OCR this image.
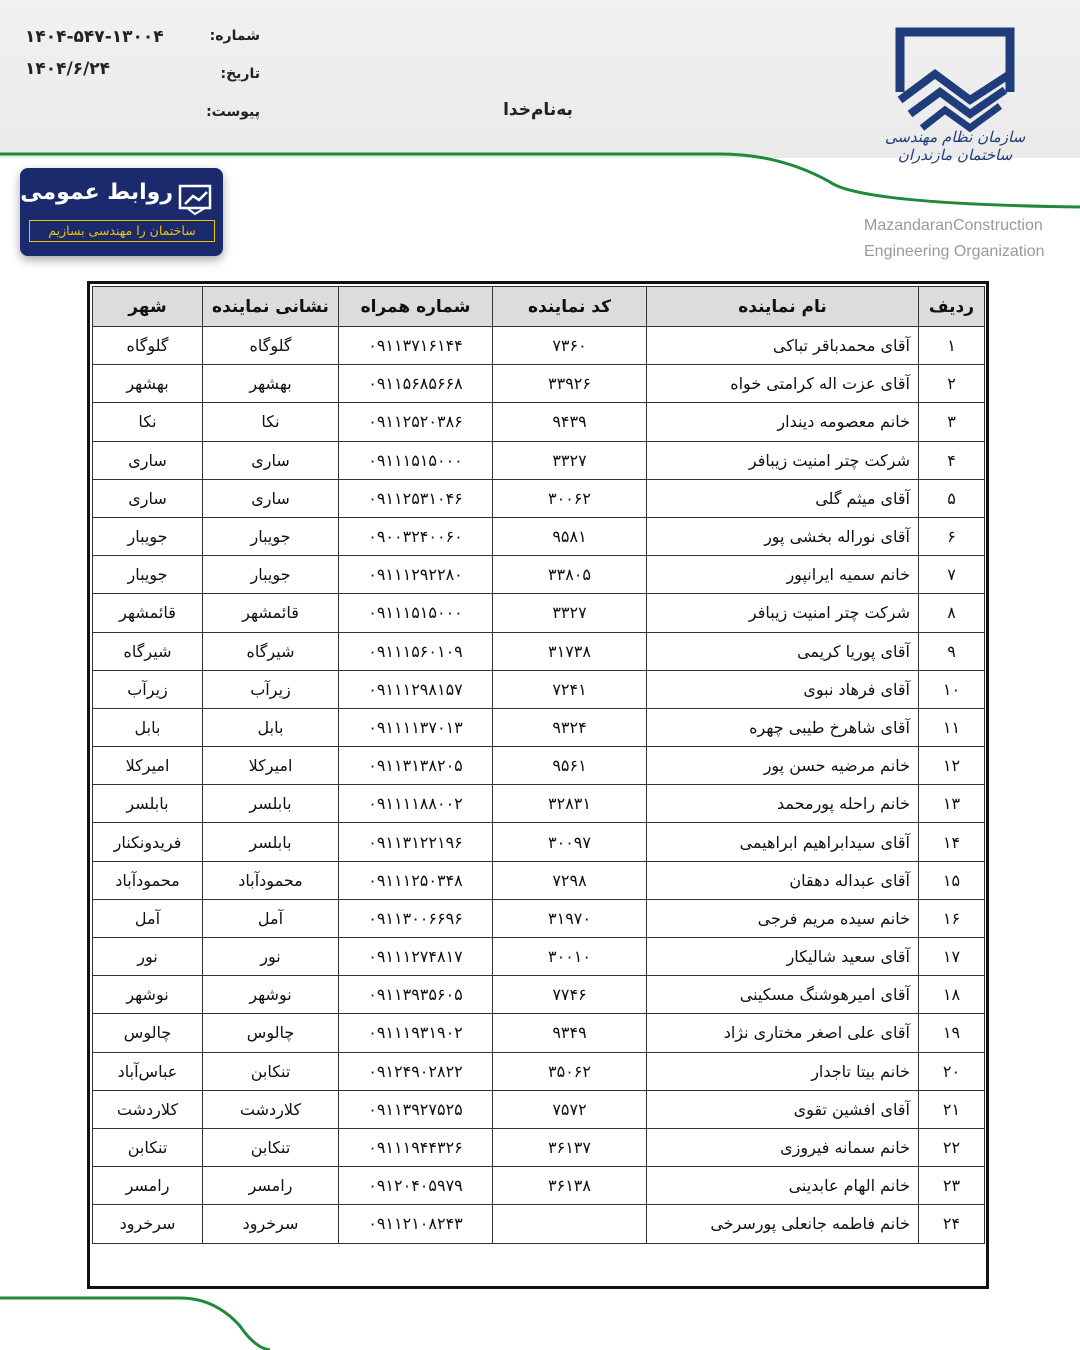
شماره:
تاریخ:
پیوست:
۱۴۰۴-۵۴۷-۱۳۰۰۴
۱۴۰۴/۶/۲۴
به‌نام‌خدا
سازمان نظام مهندسی ساختمان مازندران
MazandaranConstruction
Engineering Organization
روابط عمومی
ساختمان را مهندسی بسازیم
ردیف	نام نماینده	کد نماینده	شماره همراه	نشانی نماینده	شهر
۱	آقای محمدباقر تباکی	۷۳۶۰	۰۹۱۱۳۷۱۶۱۴۴	گلوگاه	گلوگاه
۲	آقای عزت اله کرامتی خواه	۳۳۹۲۶	۰۹۱۱۵۶۸۵۶۶۸	بهشهر	بهشهر
۳	خانم معصومه دیندار	۹۴۳۹	۰۹۱۱۲۵۲۰۳۸۶	نکا	نکا
۴	شرکت چتر امنیت زیبافر	۳۳۲۷	۰۹۱۱۱۵۱۵۰۰۰	ساری	ساری
۵	آقای میثم گلی	۳۰۰۶۲	۰۹۱۱۲۵۳۱۰۴۶	ساری	ساری
۶	آقای نوراله بخشی پور	۹۵۸۱	۰۹۰۰۳۲۴۰۰۶۰	جویبار	جویبار
۷	خانم سمیه ایرانپور	۳۳۸۰۵	۰۹۱۱۱۲۹۲۲۸۰	جویبار	جویبار
۸	شرکت چتر امنیت زیبافر	۳۳۲۷	۰۹۱۱۱۵۱۵۰۰۰	قائمشهر	قائمشهر
۹	آقای پوریا کریمی	۳۱۷۳۸	۰۹۱۱۱۵۶۰۱۰۹	شیرگاه	شیرگاه
۱۰	آقای فرهاد نبوی	۷۲۴۱	۰۹۱۱۱۲۹۸۱۵۷	زیرآب	زیرآب
۱۱	آقای شاهرخ طیبی چهره	۹۳۲۴	۰۹۱۱۱۱۳۷۰۱۳	بابل	بابل
۱۲	خانم مرضیه حسن پور	۹۵۶۱	۰۹۱۱۳۱۳۸۲۰۵	امیرکلا	امیرکلا
۱۳	خانم راحله پورمحمد	۳۲۸۳۱	۰۹۱۱۱۱۸۸۰۰۲	بابلسر	بابلسر
۱۴	آقای سیدابراهیم ابراهیمی	۳۰۰۹۷	۰۹۱۱۳۱۲۲۱۹۶	بابلسر	فریدونکنار
۱۵	آقای عبداله دهقان	۷۲۹۸	۰۹۱۱۱۲۵۰۳۴۸	محمودآباد	محمودآباد
۱۶	خانم سیده مریم فرجی	۳۱۹۷۰	۰۹۱۱۳۰۰۶۶۹۶	آمل	آمل
۱۷	آقای سعید شالیکار	۳۰۰۱۰	۰۹۱۱۱۲۷۴۸۱۷	نور	نور
۱۸	آقای امیرهوشنگ مسکینی	۷۷۴۶	۰۹۱۱۳۹۳۵۶۰۵	نوشهر	نوشهر
۱۹	آقای علی اصغر مختاری نژاد	۹۳۴۹	۰۹۱۱۱۹۳۱۹۰۲	چالوس	چالوس
۲۰	خانم بیتا تاجدار	۳۵۰۶۲	۰۹۱۲۴۹۰۲۸۲۲	تنکابن	عباس‌آباد
۲۱	آقای افشین تقوی	۷۵۷۲	۰۹۱۱۳۹۲۷۵۲۵	کلاردشت	کلاردشت
۲۲	خانم سمانه فیروزی	۳۶۱۳۷	۰۹۱۱۱۹۴۴۳۲۶	تنکابن	تنکابن
۲۳	خانم الهام عابدینی	۳۶۱۳۸	۰۹۱۲۰۴۰۵۹۷۹	رامسر	رامسر
۲۴	خانم فاطمه جانعلی پورسرخی		۰۹۱۱۲۱۰۸۲۴۳	سرخرود	سرخرود
